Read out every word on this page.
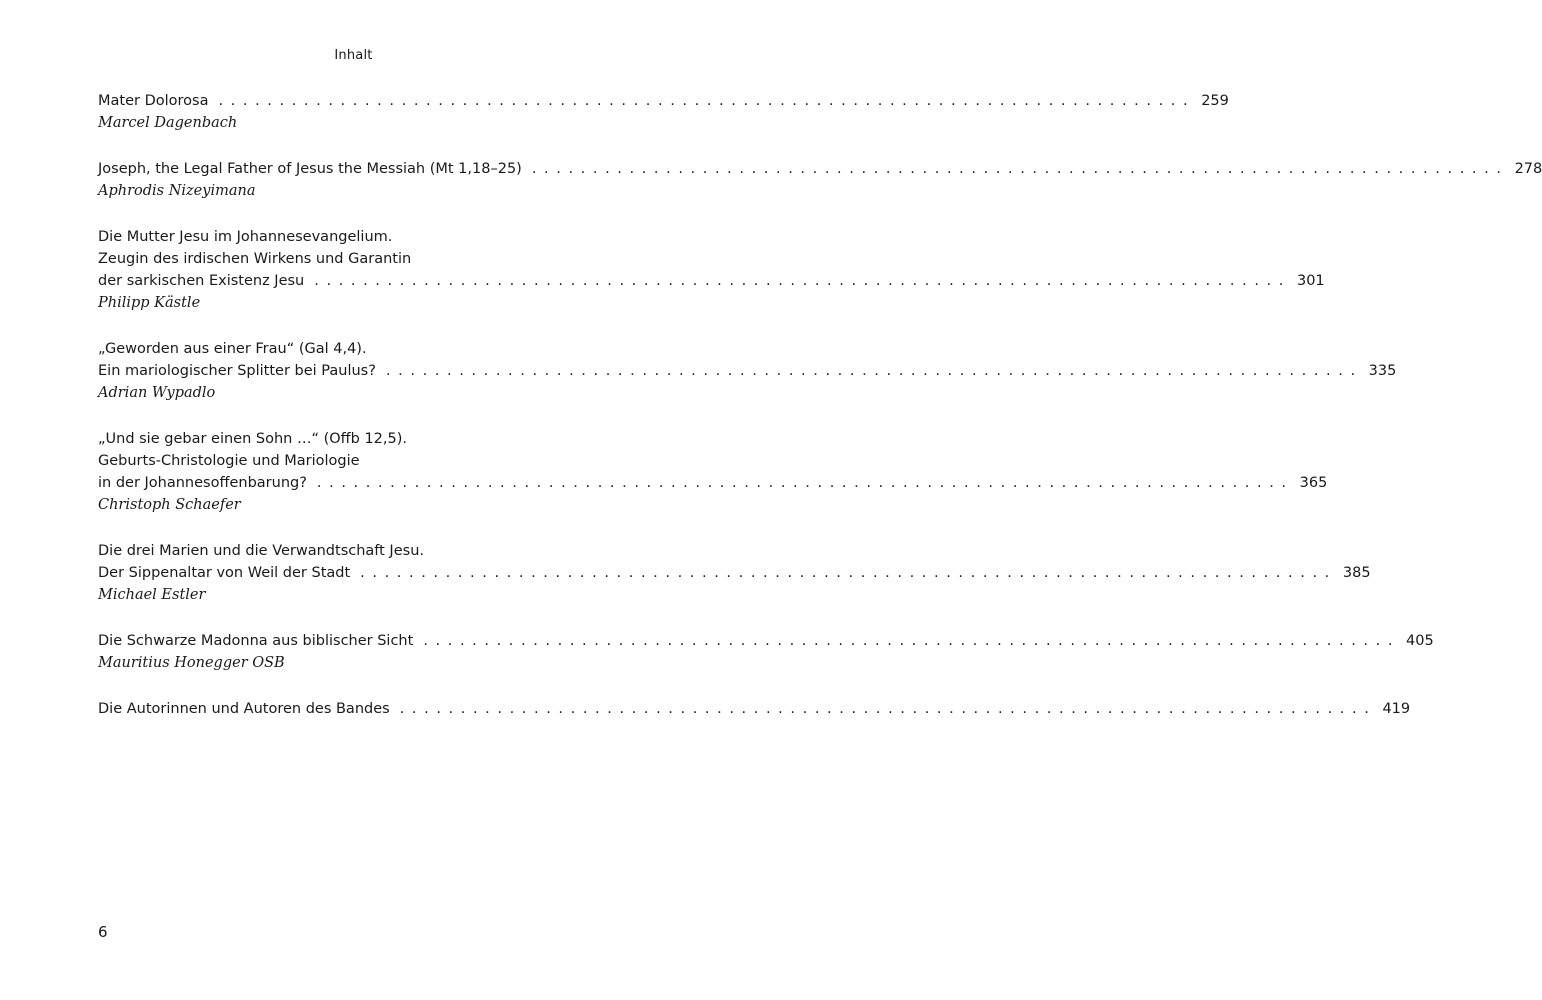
Inhalt
Mater Dolorosa ................................................................................ 259
Marcel Dagenbach
Joseph, the Legal Father of Jesus the Messiah (Mt 1,18–25) ................................................................................ 278
Aphrodis Nizeyimana
Die Mutter Jesu im Johannesevangelium.
Zeugin des irdischen Wirkens und Garantin
der sarkischen Existenz Jesu ................................................................................ 301
Philipp Kästle
„Geworden aus einer Frau“ (Gal 4,4).
Ein mariologischer Splitter bei Paulus? ................................................................................ 335
Adrian Wypadlo
„Und sie gebar einen Sohn …“ (Offb 12,5).
Geburts-Christologie und Mariologie
in der Johannesoffenbarung? ................................................................................ 365
Christoph Schaefer
Die drei Marien und die Verwandtschaft Jesu.
Der Sippenaltar von Weil der Stadt ................................................................................ 385
Michael Estler
Die Schwarze Madonna aus biblischer Sicht ................................................................................ 405
Mauritius Honegger OSB
Die Autorinnen und Autoren des Bandes ................................................................................ 419
6
